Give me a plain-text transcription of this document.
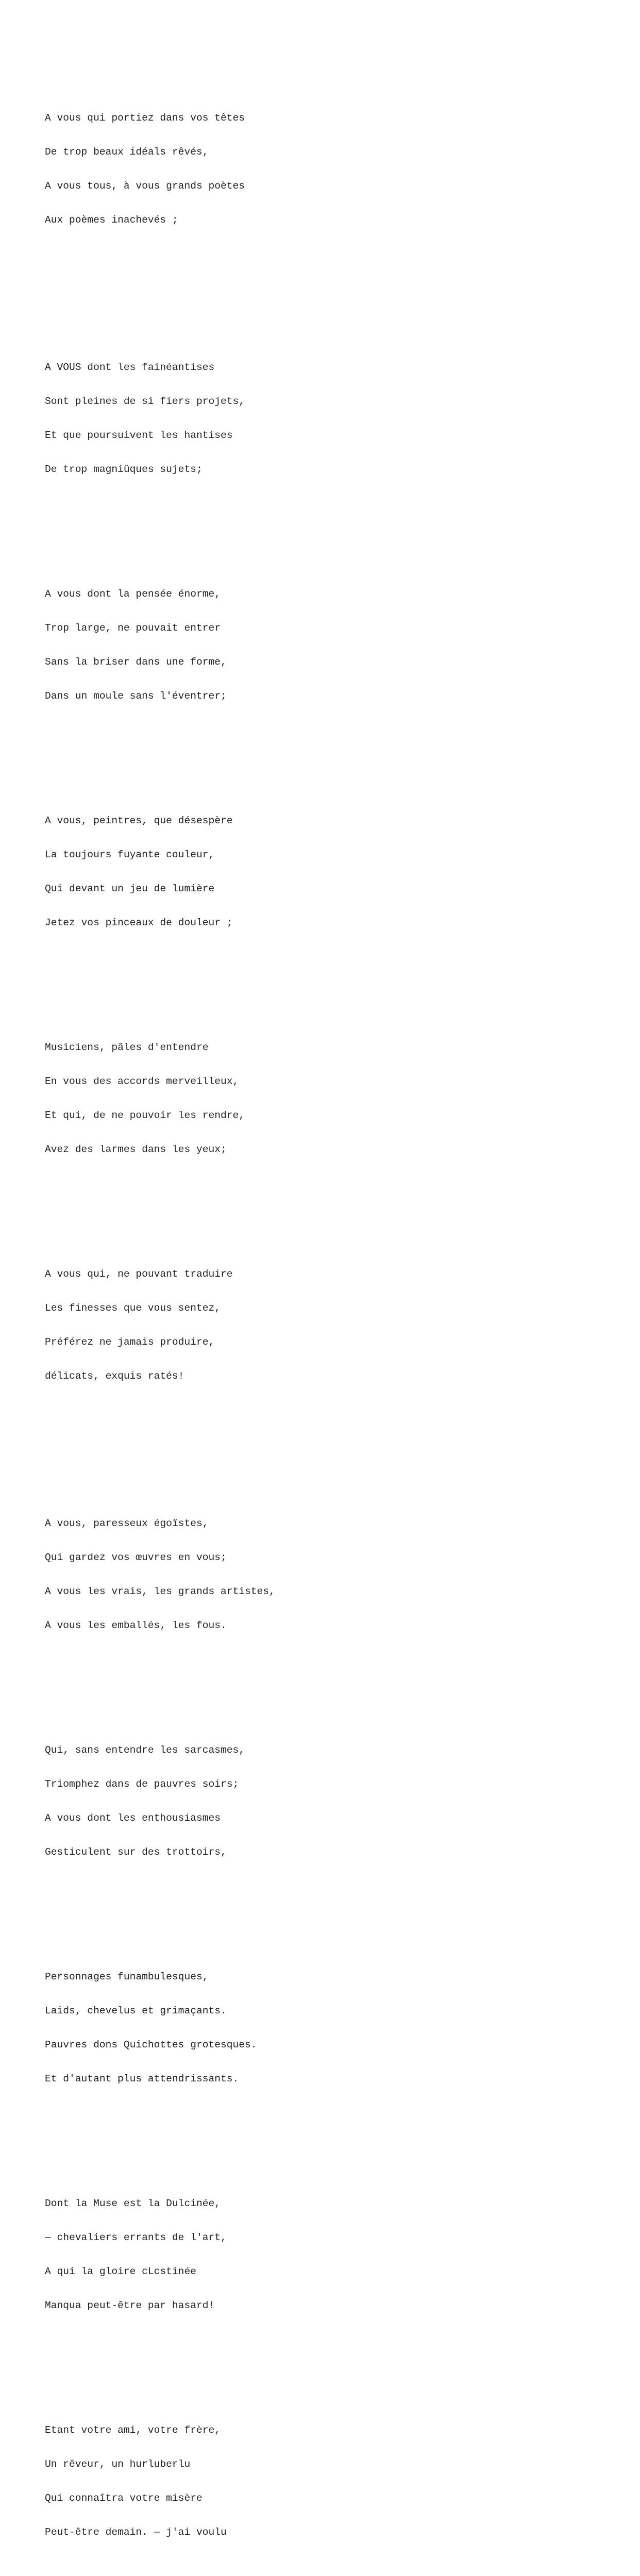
A vous qui portiez dans vos têtes

De trop beaux idéals rêvés,

A vous tous, à vous grands poètes

Aux poèmes inachevés ;

A VOUS dont les fainéantises

Sont pleines de si fiers projets,

Et que poursuivent les hantises

De trop magniûques sujets;

A vous dont la pensée énorme,

Trop large, ne pouvait entrer

Sans la briser dans une forme,

Dans un moule sans l'éventrer;

A vous, peintres, que désespère

La toujours fuyante couleur,

Qui devant un jeu de lumière

Jetez vos pinceaux de douleur ;

Musiciens, pâles d'entendre

En vous des accords merveilleux,

Et qui, de ne pouvoir les rendre,

Avez des larmes dans les yeux;

A vous qui, ne pouvant traduire

Les finesses que vous sentez,

Préférez ne jamais produire,

délicats, exquis ratés!

A vous, paresseux égoïstes,

Qui gardez vos œuvres en vous;

A vous les vrais, les grands artistes,

A vous les emballés, les fous.

Qui, sans entendre les sarcasmes,

Triomphez dans de pauvres soirs;

A vous dont les enthousiasmes

Gesticulent sur des trottoirs,

Personnages funambulesques,

Laids, chevelus et grimaçants.

Pauvres dons Quichottes grotesques.

Et d'autant plus attendrissants.

Dont la Muse est la Dulcinée,

— chevaliers errants de l'art,

A qui la gloire cLcstinée

Manqua peut-être par hasard!

Etant votre ami, votre frère,

Un rêveur, un hurluberlu

Qui connaîtra votre misère

Peut-être demain. — j'ai voulu
